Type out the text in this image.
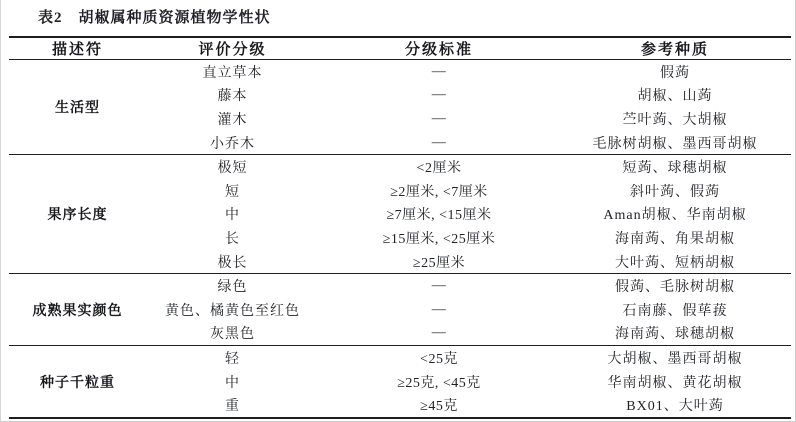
表2 胡椒属种质资源植物学性状
描述符	评价分级	分级标准	参考种质
生活型	直立草本	—	假蒟
	藤本	—	胡椒、山蒟
	灌木	—	苎叶蒟、大胡椒
	小乔木	—	毛脉树胡椒、墨西哥胡椒
果序长度	极短	<2厘米	短蒟、球穗胡椒
	短	≥2厘米, <7厘米	斜叶蒟、假蒟
	中	≥7厘米, <15厘米	Aman胡椒、华南胡椒
	长	≥15厘米, <25厘米	海南蒟、角果胡椒
	极长	≥25厘米	大叶蒟、短柄胡椒
成熟果实颜色	绿色	—	假蒟、毛脉树胡椒
	黄色、橘黄色至红色	—	石南藤、假荜菝
	灰黑色	—	海南蒟、球穗胡椒
种子千粒重	轻	<25克	大胡椒、墨西哥胡椒
	中	≥25克, <45克	华南胡椒、黄花胡椒
	重	≥45克	BX01、大叶蒟
